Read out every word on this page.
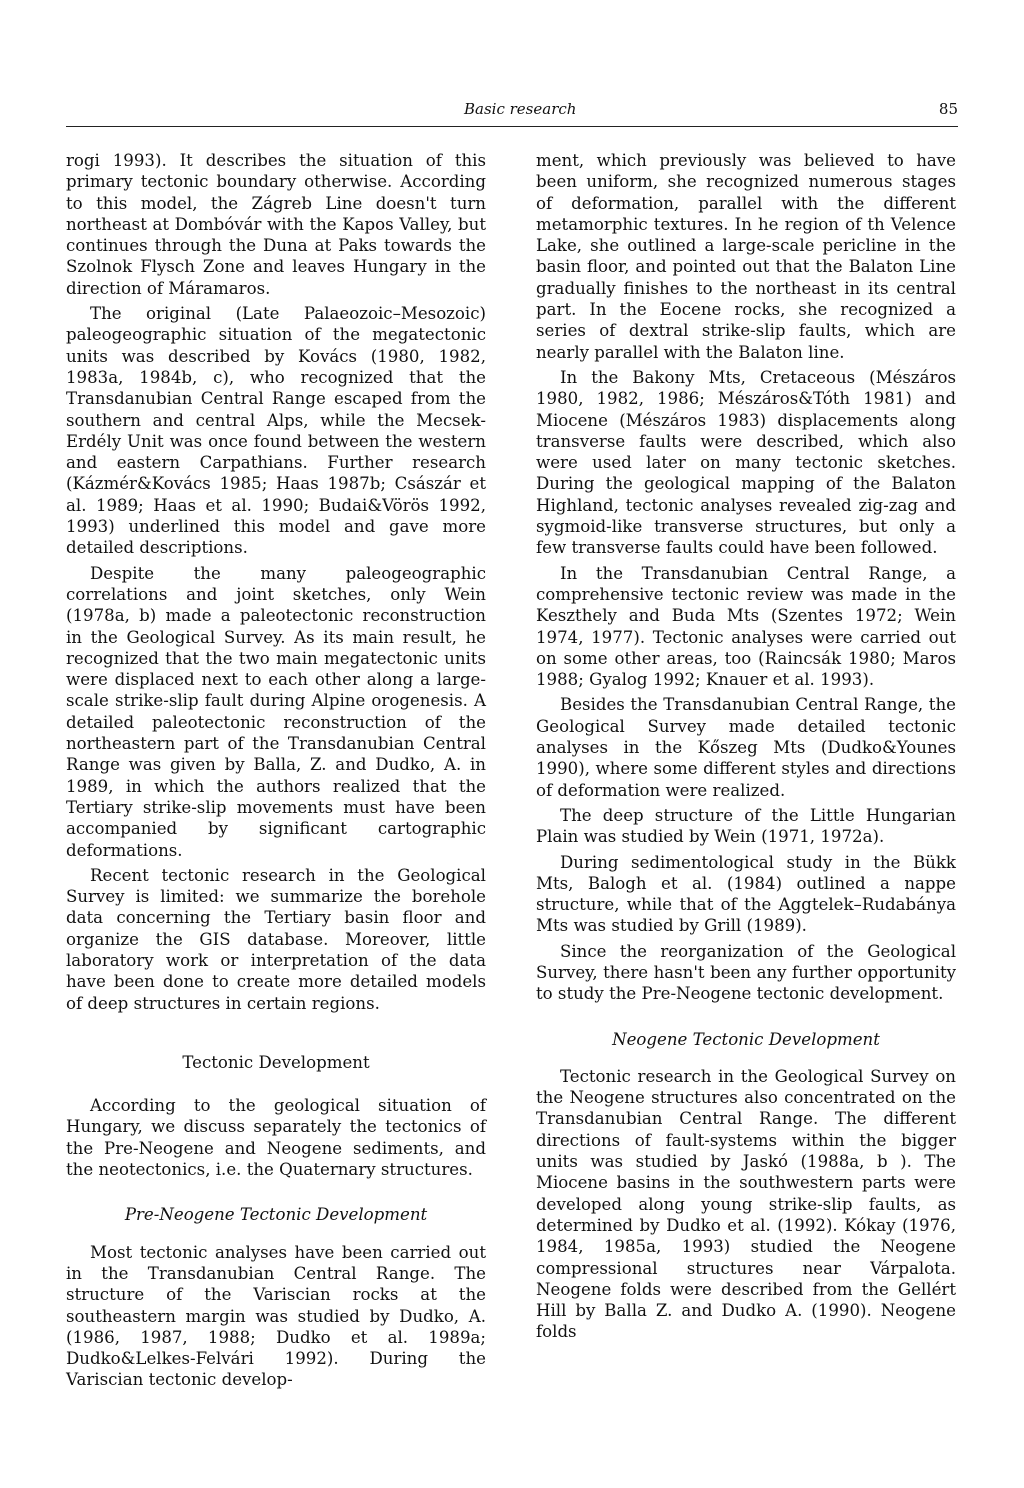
Basic research	85

rogi 1993). It describes the situation of this primary tectonic boundary otherwise. According to this model, the Zágreb Line doesn't turn northeast at Dombóvár with the Kapos Valley, but continues through the Duna at Paks towards the Szolnok Flysch Zone and leaves Hungary in the direction of Máramaros.

The original (Late Palaeozoic–Mesozoic) paleogeographic situation of the megatectonic units was described by Kovács (1980, 1982, 1983a, 1984b, c), who recognized that the Transdanubian Central Range escaped from the southern and central Alps, while the Mecsek-Erdély Unit was once found between the western and eastern Carpathians. Further research (Kázmér&Kovács 1985; Haas 1987b; Császár et al. 1989; Haas et al. 1990; Budai&Vörös 1992, 1993) underlined this model and gave more detailed descriptions.

Despite the many paleogeographic correlations and joint sketches, only Wein (1978a, b) made a paleotectonic reconstruction in the Geological Survey. As its main result, he recognized that the two main megatectonic units were displaced next to each other along a large-scale strike-slip fault during Alpine orogenesis. A detailed paleotectonic reconstruction of the northeastern part of the Transdanubian Central Range was given by Balla, Z. and Dudko, A. in 1989, in which the authors realized that the Tertiary strike-slip movements must have been accompanied by significant cartographic deformations.

Recent tectonic research in the Geological Survey is limited: we summarize the borehole data concerning the Tertiary basin floor and organize the GIS database. Moreover, little laboratory work or interpretation of the data have been done to create more detailed models of deep structures in certain regions.

Tectonic Development

According to the geological situation of Hungary, we discuss separately the tectonics of the Pre-Neogene and Neogene sediments, and the neotectonics, i.e. the Quaternary structures.

Pre-Neogene Tectonic Development

Most tectonic analyses have been carried out in the Transdanubian Central Range. The structure of the Variscian rocks at the southeastern margin was studied by Dudko, A. (1986, 1987, 1988; Dudko et al. 1989a; Dudko&Lelkes-Felvári 1992). During the Variscian tectonic develop-

ment, which previously was believed to have been uniform, she recognized numerous stages of deformation, parallel with the different metamorphic textures. In he region of th Velence Lake, she outlined a large-scale pericline in the basin floor, and pointed out that the Balaton Line gradually finishes to the northeast in its central part. In the Eocene rocks, she recognized a series of dextral strike-slip faults, which are nearly parallel with the Balaton line.

In the Bakony Mts, Cretaceous (Mészáros 1980, 1982, 1986; Mészáros&Tóth 1981) and Miocene (Mészáros 1983) displacements along transverse faults were described, which also were used later on many tectonic sketches. During the geological mapping of the Balaton Highland, tectonic analyses revealed zig-zag and sygmoid-like transverse structures, but only a few transverse faults could have been followed.

In the Transdanubian Central Range, a comprehensive tectonic review was made in the Keszthely and Buda Mts (Szentes 1972; Wein 1974, 1977). Tectonic analyses were carried out on some other areas, too (Raincsák 1980; Maros 1988; Gyalog 1992; Knauer et al. 1993).

Besides the Transdanubian Central Range, the Geological Survey made detailed tectonic analyses in the Kőszeg Mts (Dudko&Younes 1990), where some different styles and directions of deformation were realized.

The deep structure of the Little Hungarian Plain was studied by Wein (1971, 1972a).

During sedimentological study in the Bükk Mts, Balogh et al. (1984) outlined a nappe structure, while that of the Aggtelek–Rudabánya Mts was studied by Grill (1989).

Since the reorganization of the Geological Survey, there hasn't been any further opportunity to study the Pre-Neogene tectonic development.

Neogene Tectonic Development

Tectonic research in the Geological Survey on the Neogene structures also concentrated on the Transdanubian Central Range. The different directions of fault-systems within the bigger units was studied by Jaskó (1988a, b ). The Miocene basins in the southwestern parts were developed along young strike-slip faults, as determined by Dudko et al. (1992). Kókay (1976, 1984, 1985a, 1993) studied the Neogene compressional structures near Várpalota. Neogene folds were described from the Gellért Hill by Balla Z. and Dudko A. (1990). Neogene folds
